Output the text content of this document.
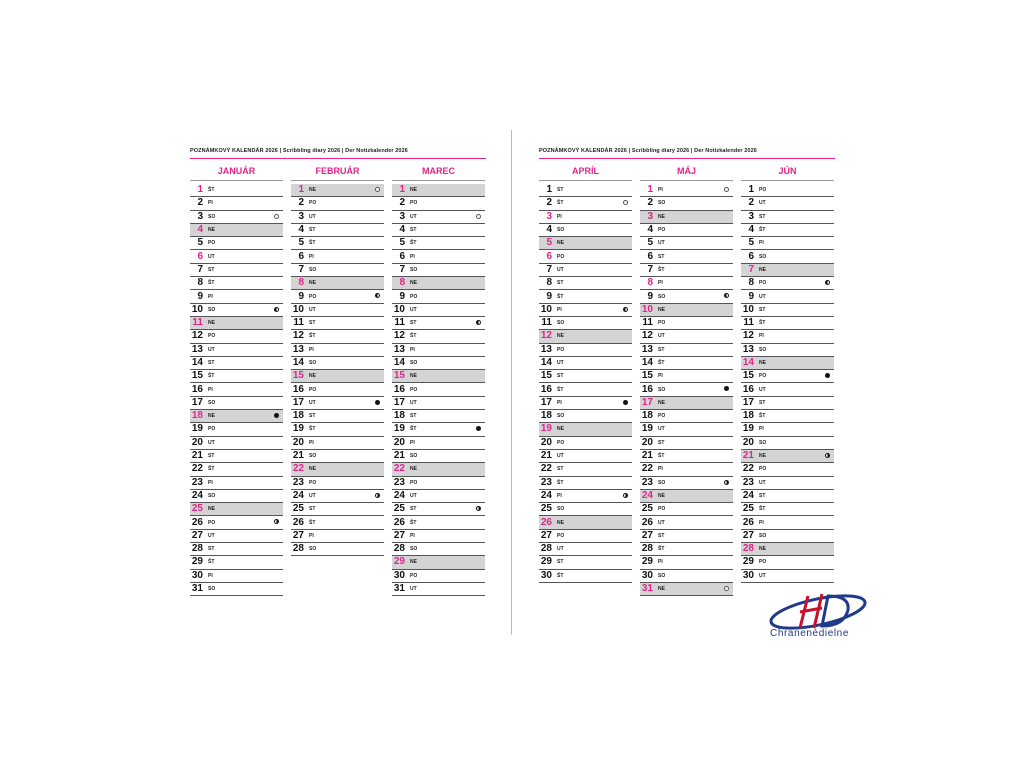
POZNÁMKOVÝ KALENDÁR 2026 | Scribbling diary 2026 | Der Notizkalender 2026
JANUÁR
1 ŠT
2 PI
3 SO
4 NE
5 PO
6 UT
7 ST
8 ŠT
9 PI
10 SO
11 NE
12 PO
13 UT
14 ST
15 ŠT
16 PI
17 SO
18 NE
19 PO
20 UT
21 ST
22 ŠT
23 PI
24 SO
25 NE
26 PO
27 UT
28 ST
29 ŠT
30 PI
31 SO
FEBRUÁR
1 NE
2 PO
3 UT
4 ST
5 ŠT
6 PI
7 SO
8 NE
9 PO
10 UT
11 ST
12 ŠT
13 PI
14 SO
15 NE
16 PO
17 UT
18 ST
19 ŠT
20 PI
21 SO
22 NE
23 PO
24 UT
25 ST
26 ŠT
27 PI
28 SO
MAREC
1 NE
2 PO
3 UT
4 ST
5 ŠT
6 PI
7 SO
8 NE
9 PO
10 UT
11 ST
12 ŠT
13 PI
14 SO
15 NE
16 PO
17 UT
18 ST
19 ŠT
20 PI
21 SO
22 NE
23 PO
24 UT
25 ST
26 ŠT
27 PI
28 SO
29 NE
30 PO
31 UT
POZNÁMKOVÝ KALENDÁR 2026 | Scribbling diary 2026 | Der Notizkalender 2026
APRÍL
1 ST
2 ŠT
3 PI
4 SO
5 NE
6 PO
7 UT
8 ST
9 ŠT
10 PI
11 SO
12 NE
13 PO
14 UT
15 ST
16 ŠT
17 PI
18 SO
19 NE
20 PO
21 UT
22 ST
23 ŠT
24 PI
25 SO
26 NE
27 PO
28 UT
29 ST
30 ŠT
MÁJ
1 PI
2 SO
3 NE
4 PO
5 UT
6 ST
7 ŠT
8 PI
9 SO
10 NE
11 PO
12 UT
13 ST
14 ŠT
15 PI
16 SO
17 NE
18 PO
19 UT
20 ST
21 ŠT
22 PI
23 SO
24 NE
25 PO
26 UT
27 ST
28 ŠT
29 PI
30 SO
31 NE
JÚN
1 PO
2 UT
3 ST
4 ŠT
5 PI
6 SO
7 NE
8 PO
9 UT
10 ST
11 ŠT
12 PI
13 SO
14 NE
15 PO
16 UT
17 ST
18 ŠT
19 PI
20 SO
21 NE
22 PO
23 UT
24 ST
25 ŠT
26 PI
27 SO
28 NE
29 PO
30 UT
Chranenédielne
